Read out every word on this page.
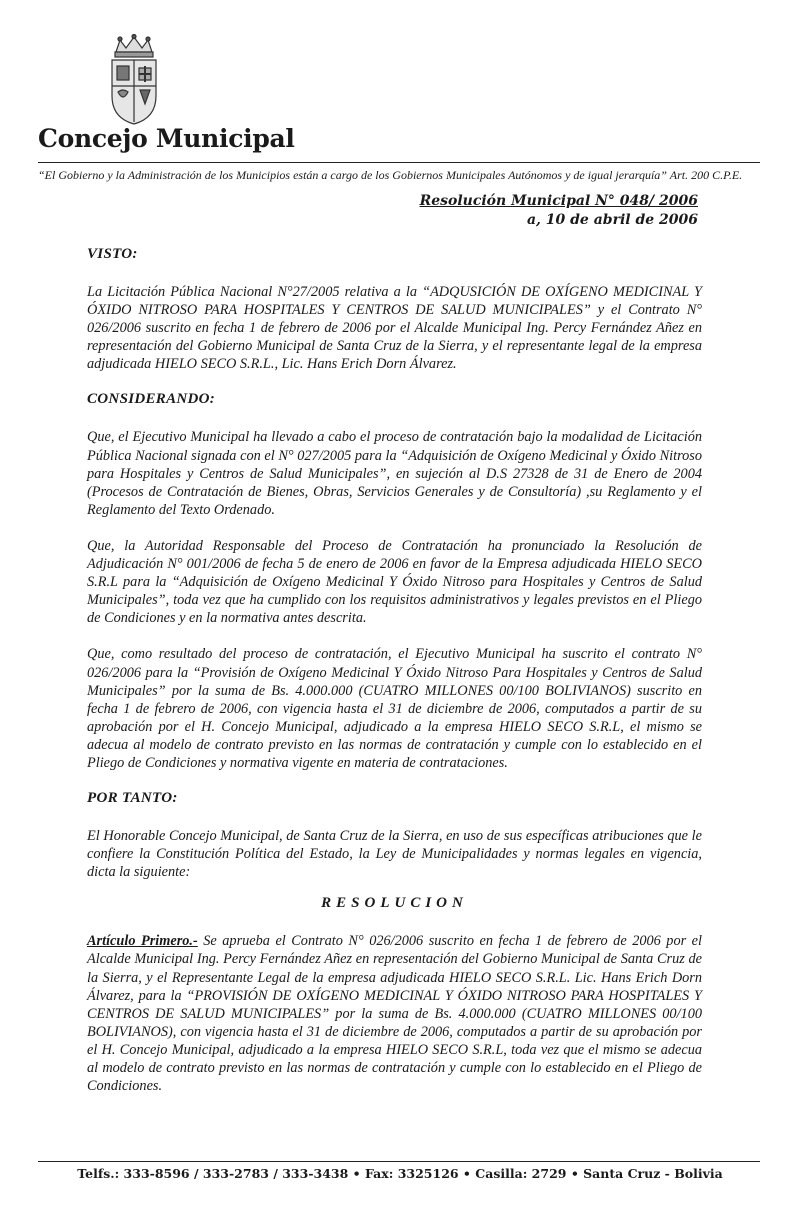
Concejo Municipal

“El Gobierno y la Administración de los Municipios están a cargo de los Gobiernos Municipales Autónomos y de igual jerarquía” Art. 200 C.P.E.

Resolución Municipal N° 048/ 2006

a, 10 de abril de 2006

VISTO:

La Licitación Pública Nacional N°27/2005 relativa a la “ADQUSICIÓN DE OXÍGENO MEDICINAL Y ÓXIDO NITROSO PARA HOSPITALES Y CENTROS DE SALUD MUNICIPALES” y el Contrato N° 026/2006 suscrito en fecha 1 de febrero de 2006 por el Alcalde Municipal Ing. Percy Fernández Añez en representación del Gobierno Municipal de Santa Cruz de la Sierra, y el representante legal de la empresa adjudicada HIELO SECO S.R.L., Lic. Hans Erich Dorn Álvarez.

CONSIDERANDO:

Que, el Ejecutivo Municipal ha llevado a cabo el proceso de contratación bajo la modalidad de Licitación Pública Nacional signada con el N° 027/2005 para la “Adquisición de Oxígeno Medicinal y Óxido Nitroso para Hospitales y Centros de Salud Municipales”, en sujeción al D.S 27328 de 31 de Enero de 2004 (Procesos de Contratación de Bienes, Obras, Servicios Generales y de Consultoría) ,su Reglamento y el Reglamento del Texto Ordenado.

Que, la Autoridad Responsable del Proceso de Contratación ha pronunciado la Resolución de Adjudicación N° 001/2006 de fecha 5 de enero de 2006 en favor de la Empresa adjudicada HIELO SECO S.R.L para la “Adquisición de Oxígeno Medicinal Y Óxido Nitroso para Hospitales y Centros de Salud Municipales”, toda vez que ha cumplido con los requisitos administrativos y legales previstos en el Pliego de Condiciones y en la normativa antes descrita.

Que, como resultado del proceso de contratación, el Ejecutivo Municipal ha suscrito el contrato N° 026/2006 para la “Provisión de Oxígeno Medicinal Y Óxido Nitroso Para Hospitales y Centros de Salud Municipales” por la suma de Bs. 4.000.000 (CUATRO MILLONES 00/100 BOLIVIANOS) suscrito en fecha 1 de febrero de 2006, con vigencia hasta el 31 de diciembre de 2006, computados a partir de su aprobación por el H. Concejo Municipal, adjudicado a la empresa HIELO SECO S.R.L, el mismo se adecua al modelo de contrato previsto en las normas de contratación y cumple con lo establecido en el Pliego de Condiciones y normativa vigente en materia de contrataciones.

POR TANTO:

El Honorable Concejo Municipal, de Santa Cruz de la Sierra, en uso de sus específicas atribuciones que le confiere la Constitución Política del Estado, la Ley de Municipalidades y normas legales en vigencia, dicta la siguiente:

RESOLUCION

Artículo Primero.- Se aprueba el Contrato N° 026/2006 suscrito en fecha 1 de febrero de 2006 por el Alcalde Municipal Ing. Percy Fernández Añez en representación del Gobierno Municipal de Santa Cruz de la Sierra, y el Representante Legal de la empresa adjudicada HIELO SECO S.R.L. Lic. Hans Erich Dorn Álvarez, para la “PROVISIÓN DE OXÍGENO MEDICINAL Y ÓXIDO NITROSO PARA HOSPITALES Y CENTROS DE SALUD MUNICIPALES” por la suma de Bs. 4.000.000 (CUATRO MILLONES 00/100 BOLIVIANOS), con vigencia hasta el 31 de diciembre de 2006, computados a partir de su aprobación por el H. Concejo Municipal, adjudicado a la empresa HIELO SECO S.R.L, toda vez que el mismo se adecua al modelo de contrato previsto en las normas de contratación y cumple con lo establecido en el Pliego de Condiciones.

Telfs.: 333-8596 / 333-2783 / 333-3438 • Fax: 3325126 • Casilla: 2729 • Santa Cruz - Bolivia
